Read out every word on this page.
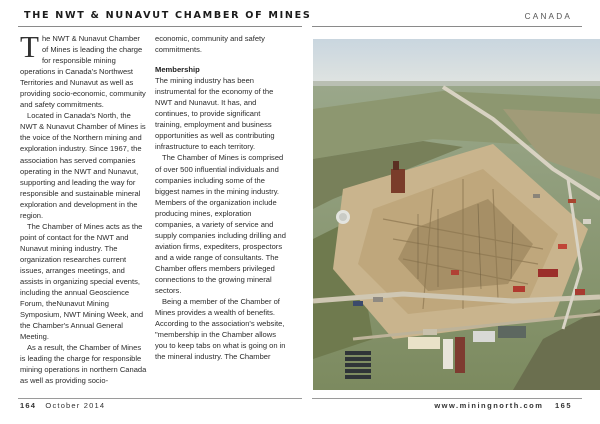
THE NWT & NUNAVUT CHAMBER OF MINES	CANADA

The NWT & Nunavut Chamber of Mines is leading the charge for responsible mining operations in Canada's Northwest Territories and Nunavut as well as providing socio-economic, community and safety commitments.

Located in Canada's North, the NWT & Nunavut Chamber of Mines is the voice of the Northern mining and exploration industry. Since 1967, the association has served companies operating in the NWT and Nunavut, supporting and leading the way for responsible and sustainable mineral exploration and development in the region.

The Chamber of Mines acts as the point of contact for the NWT and Nunavut mining industry. The organization researches current issues, arranges meetings, and assists in organizing special events, including the annual Geoscience Forum, theNunavut Mining Symposium, NWT Mining Week, and the Chamber's Annual General Meeting.

As a result, the Chamber of Mines is leading the charge for responsible mining operations in northern Canada as well as providing socio-

economic, community and safety commitments.

Membership

The mining industry has been instrumental for the economy of the NWT and Nunavut. It has, and continues, to provide significant training, employment and business opportunities as well as contributing infrastructure to each territory.

The Chamber of Mines is comprised of over 500 influential individuals and companies including some of the biggest names in the mining industry. Members of the organization include producing mines, exploration companies, a variety of service and supply companies including drilling and aviation firms, expediters, prospectors and a wide range of consultants. The Chamber offers members privileged connections to the growing mineral sectors.

Being a member of the Chamber of Mines provides a wealth of benefits. According to the association's website, "membership in the Chamber allows you to keep tabs on what is going on in the mineral industry. The Chamber

164 October 2014	www.miningnorth.com 165
